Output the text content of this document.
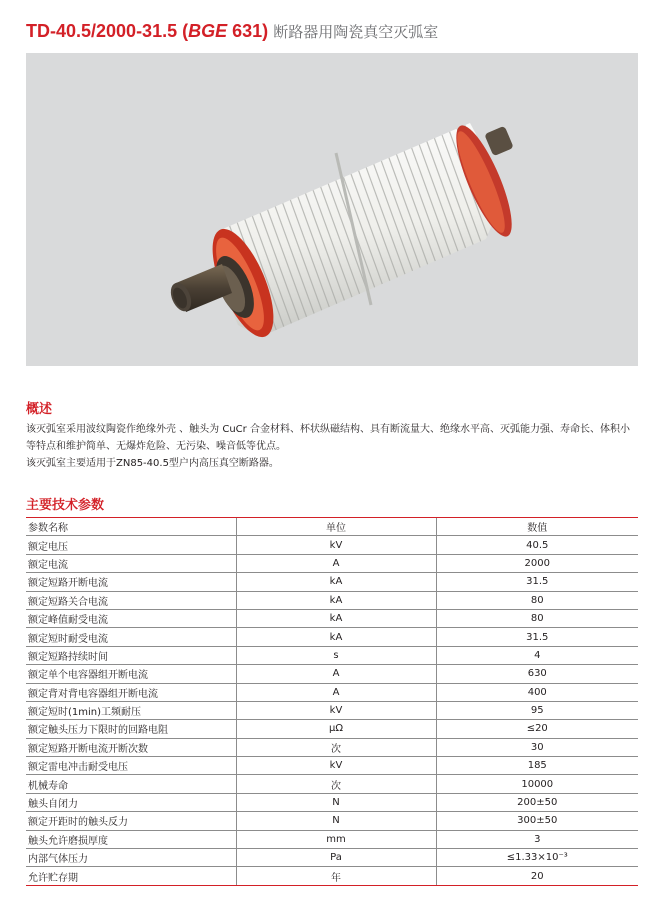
TD-40.5/2000-31.5 (BGE 631) 断路器用陶瓷真空灭弧室
概述

该灭弧室采用波纹陶瓷作绝缘外壳 、触头为 CuCr 合金材料、杯状纵磁结构、具有断流量大、绝缘水平高、灭弧能力强、寿命长、体积小等特点和维护简单、无爆炸危险、无污染、噪音低等优点。

该灭弧室主要适用于ZN85-40.5型户内高压真空断路器。

主要技术参数
参数名称	单位	数值
额定电压	kV	40.5
额定电流	A	2000
额定短路开断电流	kA	31.5
额定短路关合电流	kA	80
额定峰值耐受电流	kA	80
额定短时耐受电流	kA	31.5
额定短路持续时间	s	4
额定单个电容器组开断电流	A	630
额定背对背电容器组开断电流	A	400
额定短时(1min)工频耐压	kV	95
额定触头压力下限时的回路电阻	μΩ	≤20
额定短路开断电流开断次数	次	30
额定雷电冲击耐受电压	kV	185
机械寿命	次	10000
触头自闭力	N	200±50
额定开距时的触头反力	N	300±50
触头允许磨损厚度	mm	3
内部气体压力	Pa	≤1.33×10⁻³
允许贮存期	年	20
